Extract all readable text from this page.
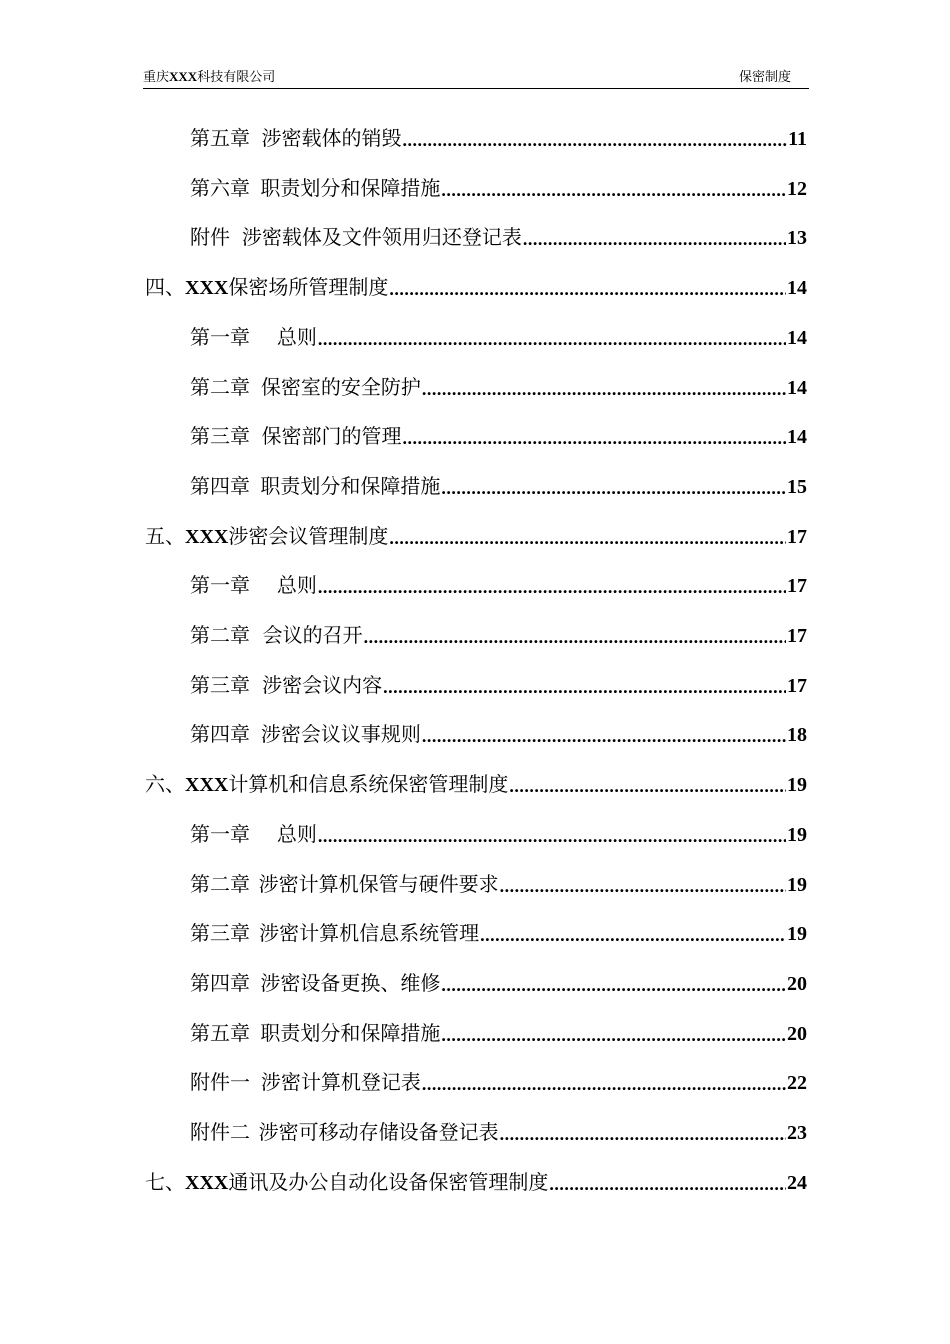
重庆XXX科技有限公司	保密制度
第五章 涉密载体的销毁 .....	11
第六章 职责划分和保障措施 .....	12
附件 涉密载体及文件领用归还登记表 .....	13
四、 XXX 保密场所管理制度 .....	14
第一章 总则 .....	14
第二章 保密室的安全防护 .....	14
第三章 保密部门的管理 .....	14
第四章 职责划分和保障措施 .....	15
五、 XXX 涉密会议管理制度 .....	17
第一章 总则 .....	17
第二章 会议的召开 .....	17
第三章 涉密会议内容 .....	17
第四章 涉密会议议事规则 .....	18
六、 XXX 计算机和信息系统保密管理制度 .....	19
第一章 总则 .....	19
第二章 涉密计算机保管与硬件要求 .....	19
第三章 涉密计算机信息系统管理 .....	19
第四章 涉密设备更换、维修 .....	20
第五章 职责划分和保障措施 .....	20
附件一 涉密计算机登记表 .....	22
附件二 涉密可移动存储设备登记表 .....	23
七、 XXX 通讯及办公自动化设备保密管理制度 .....	24
